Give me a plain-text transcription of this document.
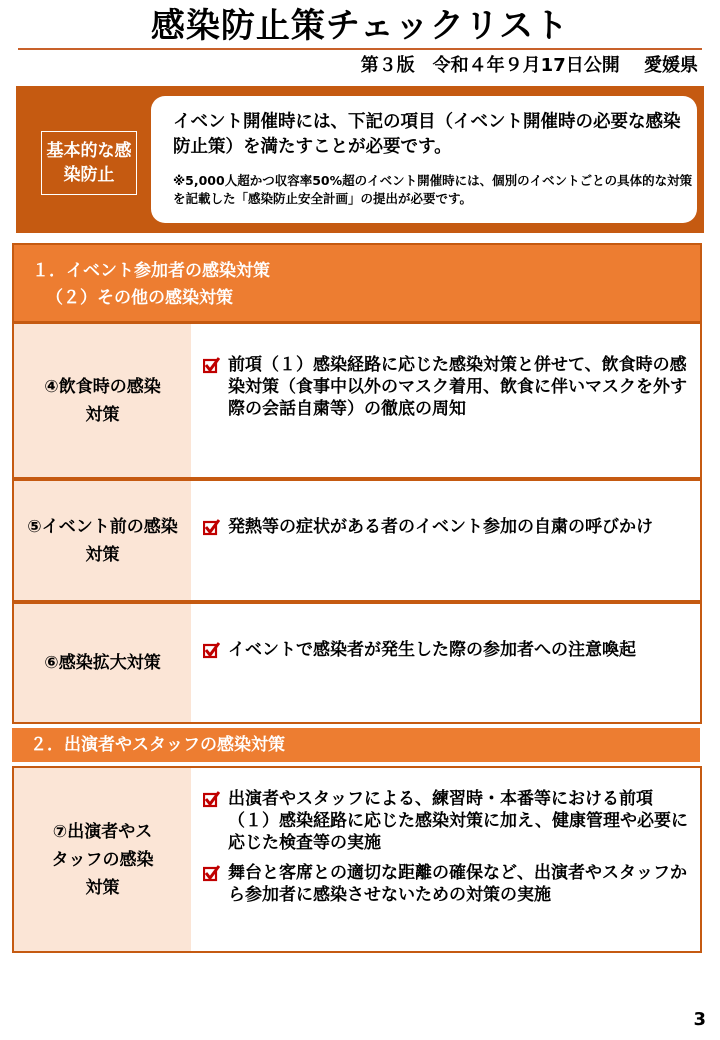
感染防止策チェックリスト
第３版　令和４年９月17日公開　 愛媛県
基本的な感染防止
イベント開催時には、下記の項目（イベント開催時の必要な感染防止策）を満たすことが必要です。
※5,000人超かつ収容率50%超のイベント開催時には、個別のイベントごとの具体的な対策を記載した「感染防止安全計画」の提出が必要です。
１．イベント参加者の感染対策
（２）その他の感染対策
④飲食時の感染対策
前項（１）感染経路に応じた感染対策と併せて、飲食時の感染対策（食事中以外のマスク着用、飲食に伴いマスクを外す際の会話自粛等）の徹底の周知
⑤イベント前の感染対策
発熱等の症状がある者のイベント参加の自粛の呼びかけ
⑥感染拡大対策
イベントで感染者が発生した際の参加者への注意喚起
２．出演者やスタッフの感染対策
⑦出演者やスタッフの感染対策
出演者やスタッフによる、練習時・本番等における前項（１）感染経路に応じた感染対策に加え、健康管理や必要に応じた検査等の実施
舞台と客席との適切な距離の確保など、出演者やスタッフから参加者に感染させないための対策の実施
3
